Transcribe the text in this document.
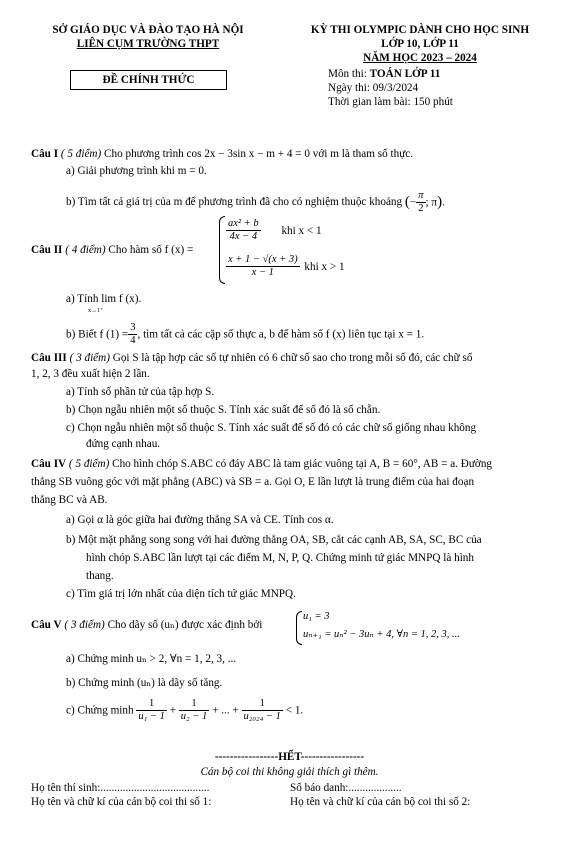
SỞ GIÁO DỤC VÀ ĐÀO TẠO HÀ NỘI
LIÊN CỤM TRƯỜNG THPT
ĐỀ CHÍNH THỨC
KỲ THI OLYMPIC DÀNH CHO HỌC SINH
LỚP 10, LỚP 11
NĂM HỌC 2023 – 2024
Môn thi: TOÁN LỚP 11
Ngày thi: 09/3/2024
Thời gian làm bài: 150 phút
Câu I ( 5 điểm) Cho phương trình cos 2x − 3sin x − m + 4 = 0 với m là tham số thực.
a) Giải phương trình khi m = 0.
b) Tìm tất cả giá trị của m để phương trình đã cho có nghiệm thuộc khoảng (− $\frac{\pi}{2}$ ; π).
Câu II ( 4 điểm) Cho hàm số f (x) =
$\frac{\text{ax² + b}}{4x - 4}$ khi x < 1
$\frac{x + 1 - √(x + 3)}{x - 1}$ khi x > 1
a) Tính lim f (x).
x→1⁺
b) Biết f $(1) = \frac{3}{4}$ , tìm tất cả các cặp số thực a, b để hàm số f (x) liên tục tại x = 1.
Câu III ( 3 điểm) Gọi S là tập hợp các số tự nhiên có 6 chữ số sao cho trong mỗi số đó, các chữ số
1, 2, 3 đều xuất hiện 2 lần.
a) Tính số phần tử của tập hợp S.
b) Chọn ngẫu nhiên một số thuộc S. Tính xác suất để số đó là số chẵn.
c) Chọn ngẫu nhiên một số thuộc S. Tính xác suất để số đó có các chữ số giống nhau không
đứng cạnh nhau.
Câu IV ( 5 điểm) Cho hình chóp S.ABC có đáy ABC là tam giác vuông tại A, B = 60°, AB = a. Đường
thẳng SB vuông góc với mặt phẳng (ABC) và SB = a. Gọi O, E lần lượt là trung điểm của hai đoạn
thẳng BC và AB.
a) Gọi α là góc giữa hai đường thẳng SA và CE. Tính cos α.
b) Một mặt phẳng song song với hai đường thẳng OA, SB, cắt các cạnh AB, SA, SC, BC của
hình chóp S.ABC lần lượt tại các điểm M, N, P, Q. Chứng minh tứ giác MNPQ là hình
thang.
c) Tìm giá trị lớn nhất của diện tích tứ giác MNPQ.
Câu V ( 3 điểm) Cho dãy số (uₙ) được xác định bởi
u₁ = 3
uₙ₊₁ = uₙ² − 3uₙ + 4, ∀n = 1, 2, 3, ...
a) Chứng minh uₙ > 2, ∀n = 1, 2, 3, ...
b) Chứng minh (uₙ) là dãy số tăng.
c) Chứng minh $\frac{1}{\text{u₁ − 1}} + \frac{1}{\text{u₂ − 1}}$ + ... + $\frac{1}{\text{u₂₀₂₄ − 1}} < 1$.
-----------------HẾT-----------------
Cán bộ coi thi không giải thích gì thêm.
Họ tên thí sinh:.......................................	Số báo danh:...................
Họ tên và chữ kí của cán bộ coi thi số 1:	Họ tên và chữ kí của cán bộ coi thi số 2:
